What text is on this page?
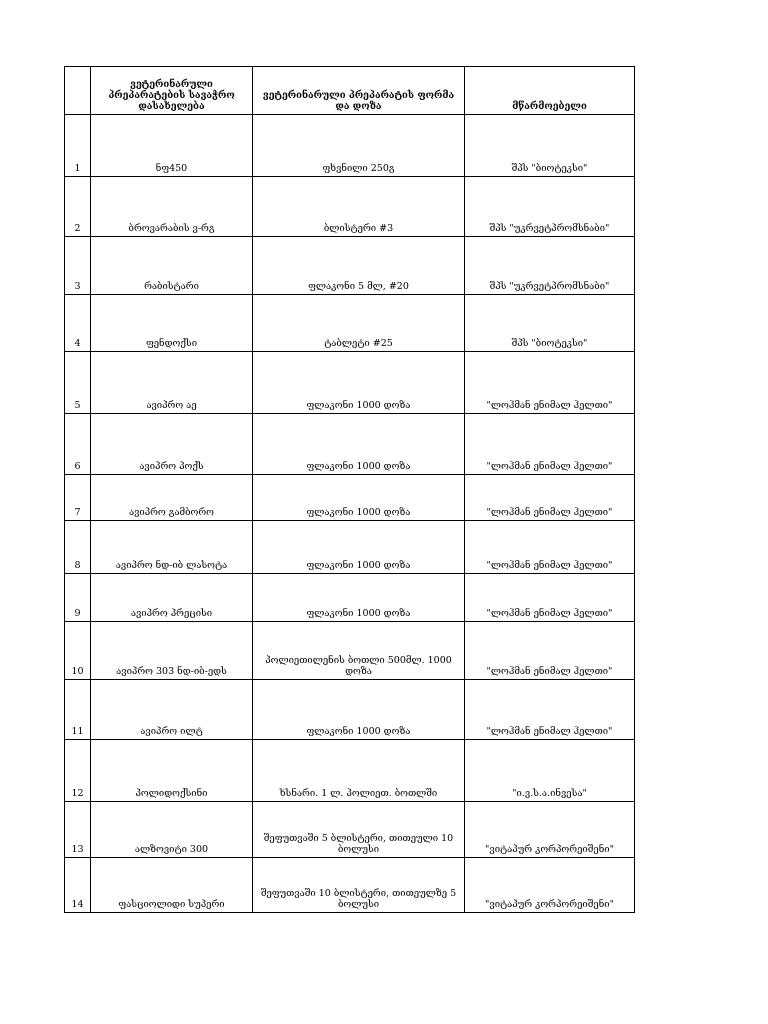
	ვეტერინარული პრეპარატების სავაჭრო დასახელება	ვეტერინარული პრეპარატის ფორმა და დოზა	მწარმოებელი
1	ნფ450	ფხვნილი 250გ	შპს "ბიოტეკსი"
2	ბროვარაბის ვ-რგ	ბლისტერი #3	შპს "უკრვეტპრომსნაბი"
3	რაბისტარი	ფლაკონი 5 მლ, #20	შპს "უკრვეტპრომსნაბი"
4	ფენდოქსი	ტაბლეტი #25	შპს "ბიოტეკსი"
5	ავიპრო აე	ფლაკონი 1000 დოზა	"ლოჰმან ენიმალ ჰელთი"
6	ავიპრო პოქს	ფლაკონი 1000 დოზა	"ლოჰმან ენიმალ ჰელთი"
7	ავიპრო გამბორო	ფლაკონი 1000 დოზა	"ლოჰმან ენიმალ ჰელთი"
8	ავიპრო ნდ-იბ ლასოტა	ფლაკონი 1000 დოზა	"ლოჰმან ენიმალ ჰელთი"
9	ავიპრო პრეცისი	ფლაკონი 1000 დოზა	"ლოჰმან ენიმალ ჰელთი"
10	ავიპრო 303 ნდ-იბ-ედს	პოლიეთილენის ბოთლი 500მლ. 1000 დოზა	"ლოჰმან ენიმალ ჰელთი"
11	ავიპრო ილტ	ფლაკონი 1000 დოზა	"ლოჰმან ენიმალ ჰელთი"
12	პოლიდოქსინი	ხსნარი. 1 ლ. პოლიეთ. ბოთლში	"ი.ვ.ს.ა.ინვესა"
13	ალზოვიტი 300	შეფუთვაში 5 ბლისტერი, თითეული 10 ბოლუსი	"ვიტაპურ კორპორეიშენი"
14	ფასციოლიდი სუპერი	შეფუთვაში 10 ბლისტერი, თითეულზე 5 ბოლუსი	"ვიტაპურ კორპორეიშენი"
